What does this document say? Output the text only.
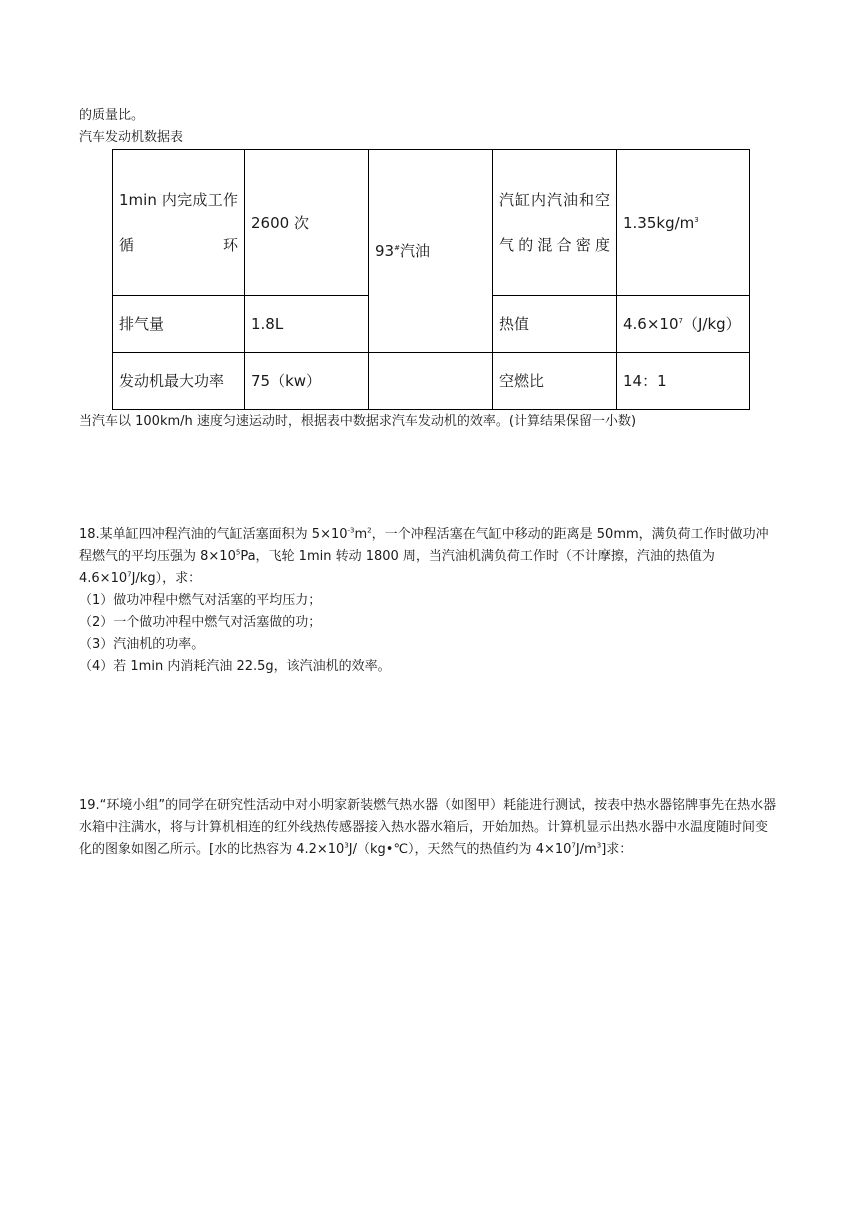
的质量比。
汽车发动机数据表
1min 内完成工作循环	2600 次	93#汽油	汽缸内汽油和空气的混合密度	$1.35kg/m^3$
排气量	1.8L		热值	$4.6\times 10^7(J/kg)$
发动机最大功率	75（kw）		空燃比	14：1
当汽车以 100km/h 速度匀速运动时，根据表中数据求汽车发动机的效率。(计算结果保留一小数)

18.某单缸四冲程汽油的气缸活塞面积为 $5\times 10^{-3}m^2$，一个冲程活塞在气缸中移动的距离是 50mm，满负荷工作时做功冲程燃气的平均压强为 $8\times 10^5Pa$，飞轮 1min 转动 1800 周，当汽油机满负荷工作时（不计摩擦，汽油的热值为 $4.6\times 10^7J/kg$），求：

（1）做功冲程中燃气对活塞的平均压力；

（2）一个做功冲程中燃气对活塞做的功；

（3）汽油机的功率。

（4）若 1min 内消耗汽油 22.5g，该汽油机的效率。

19.“环境小组”的同学在研究性活动中对小明家新装燃气热水器（如图甲）耗能进行测试，按表中热水器铭牌事先在热水器水箱中注满水，将与计算机相连的红外线热传感器接入热水器水箱后，开始加热。计算机显示出热水器中水温度随时间变化的图象如图乙所示。[水的比热容为 $4.2\times 10^3J/(kg•℃)$，天然气的热值约为 $4\times 10^7J/m^3$]求：
